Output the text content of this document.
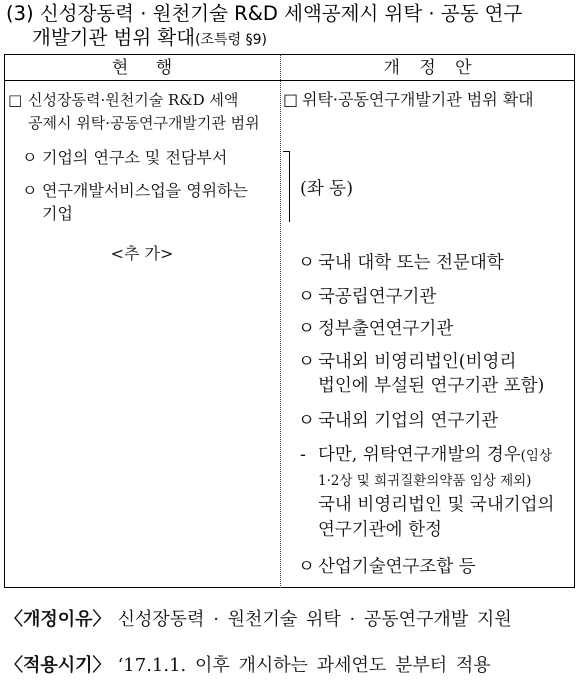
(3) 신성장동력 · 원천기술 R&D 세액공제시 위탁 · 공동 연구
개발기관 범위 확대(조특령 §9)
현 행	개 정 안
□ 신성장동력·원천기술 R&D 세액
공제시 위탁·공동연구개발기관 범위
ㅇ 기업의 연구소 및 전담부서
ㅇ 연구개발서비스업을 영위하는
기업
<추 가>
□ 위탁·공동연구개발기관 범위 확대
(좌 동)
ㅇ 국내 대학 또는 전문대학
ㅇ 국공립연구기관
ㅇ 정부출연연구기관
ㅇ 국내외 비영리법인(비영리
법인에 부설된 연구기관 포함)
ㅇ 국내외 기업의 연구기관
- 다만, 위탁연구개발의 경우(임상
1·2상 및 희귀질환의약품 임상 제외)
국내 비영리법인 및 국내기업의
연구기관에 한정
ㅇ 산업기술연구조합 등
〈개정이유〉 신성장동력 · 원천기술 위탁 · 공동연구개발 지원
〈적용시기〉 ‘17.1.1. 이후 개시하는 과세연도 분부터 적용
